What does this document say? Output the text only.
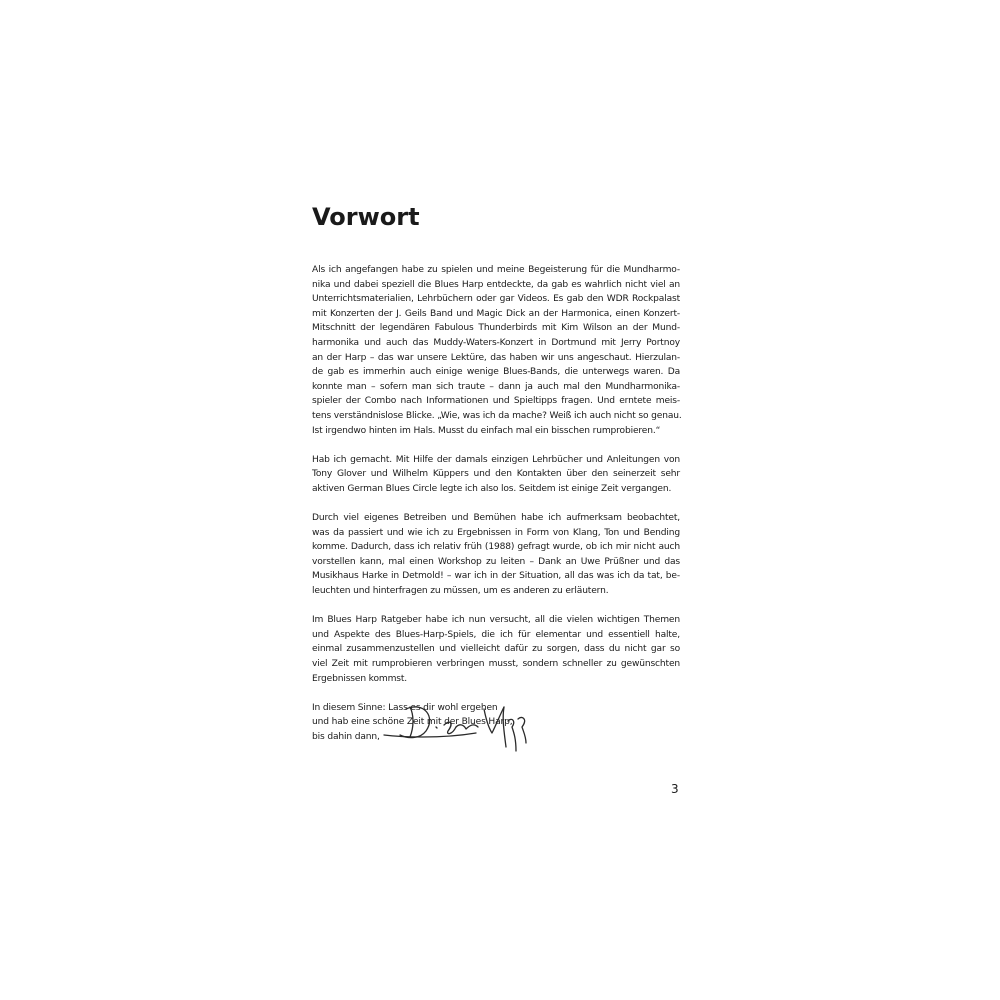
Vorwort

Als ich angefangen habe zu spielen und meine Begeisterung für die Mundharmo-
nika und dabei speziell die Blues Harp entdeckte, da gab es wahrlich nicht viel an
Unterrichtsmaterialien, Lehrbüchern oder gar Videos. Es gab den WDR Rockpalast
mit Konzerten der J. Geils Band und Magic Dick an der Harmonica, einen Konzert-
Mitschnitt der legendären Fabulous Thunderbirds mit Kim Wilson an der Mund-
harmonika und auch das Muddy-Waters-Konzert in Dortmund mit Jerry Portnoy
an der Harp – das war unsere Lektüre, das haben wir uns angeschaut. Hierzulan-
de gab es immerhin auch einige wenige Blues-Bands, die unterwegs waren. Da
konnte man – sofern man sich traute – dann ja auch mal den Mundharmonika-
spieler der Combo nach Informationen und Spieltipps fragen. Und erntete meis-
tens verständnislose Blicke. „Wie, was ich da mache? Weiß ich auch nicht so genau.
Ist irgendwo hinten im Hals. Musst du einfach mal ein bisschen rumprobieren.“

Hab ich gemacht. Mit Hilfe der damals einzigen Lehrbücher und Anleitungen von
Tony Glover und Wilhelm Küppers und den Kontakten über den seinerzeit sehr
aktiven German Blues Circle legte ich also los. Seitdem ist einige Zeit vergangen.

Durch viel eigenes Betreiben und Bemühen habe ich aufmerksam beobachtet,
was da passiert und wie ich zu Ergebnissen in Form von Klang, Ton und Bending
komme. Dadurch, dass ich relativ früh (1988) gefragt wurde, ob ich mir nicht auch
vorstellen kann, mal einen Workshop zu leiten – Dank an Uwe Prüßner und das
Musikhaus Harke in Detmold! – war ich in der Situation, all das was ich da tat, be-
leuchten und hinterfragen zu müssen, um es anderen zu erläutern.

Im Blues Harp Ratgeber habe ich nun versucht, all die vielen wichtigen Themen
und Aspekte des Blues-Harp-Spiels, die ich für elementar und essentiell halte,
einmal zusammenzustellen und vielleicht dafür zu sorgen, dass du nicht gar so
viel Zeit mit rumprobieren verbringen musst, sondern schneller zu gewünschten
Ergebnissen kommst.

In diesem Sinne: Lass es dir wohl ergehen
und hab eine schöne Zeit mit der Blues Harp,
bis dahin dann,

3
